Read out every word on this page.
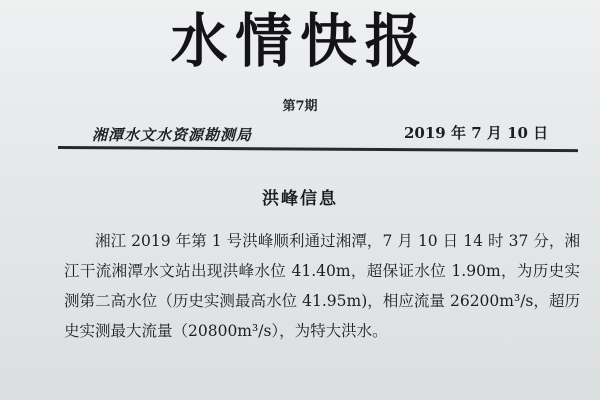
水情快报
第7期
湘潭水文水资源勘测局	2019 年 7 月 10 日
洪峰信息

湘江 2019 年第 1 号洪峰顺利通过湘潭，7 月 10 日 14 时 37 分，湘江干流湘潭水文站出现洪峰水位 41.40m，超保证水位 1.90m，为历史实测第二高水位（历史实测最高水位 41.95m)，相应流量 26200m³/s，超历史实测最大流量（20800m³/s），为特大洪水。
